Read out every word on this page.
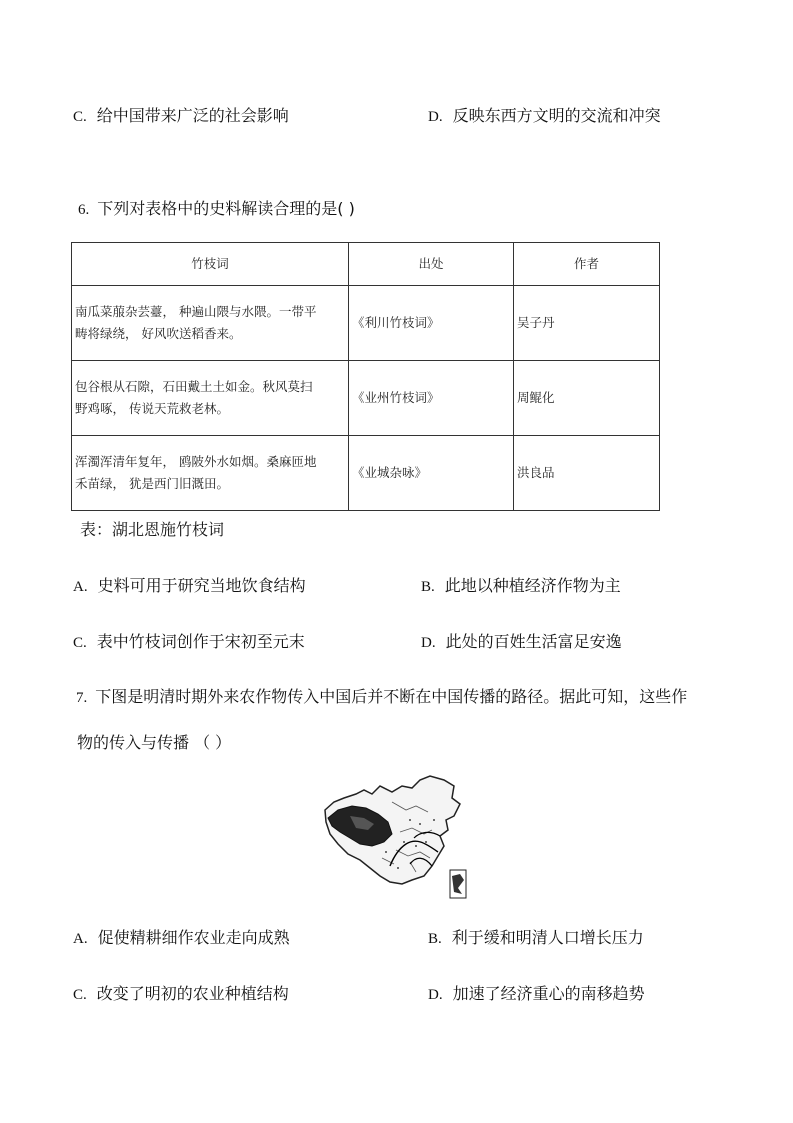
C. 给中国带来广泛的社会影响	D. 反映东西方文明的交流和冲突
6. 下列对表格中的史料解读合理的是( )
竹枝词	出处	作者

南瓜菜菔杂芸薹， 种遍山隈与水隈。一带平
畴将绿绕， 好风吹送稻香来。	《利川竹枝词》	吴子丹

包谷根从石隙，石田戴土土如金。秋风莫扫
野鸡啄， 传说天荒救老林。	《业州竹枝词》	周鲲化

浑濁浑清年复年， 鸥陂外水如烟。桑麻匝地
禾苗绿， 犹是西门旧溉田。	《业城杂咏》	洪良品
表：湖北恩施竹枝词
A. 史料可用于研究当地饮食结构	B. 此地以种植经济作物为主
C. 表中竹枝词创作于宋初至元末	D. 此处的百姓生活富足安逸
7. 下图是明清时期外来农作物传入中国后并不断在中国传播的路径。据此可知，这些作
物的传入与传播 （ ）
A. 促使精耕细作农业走向成熟	B. 利于缓和明清人口增长压力
C. 改变了明初的农业种植结构	D. 加速了经济重心的南移趋势
